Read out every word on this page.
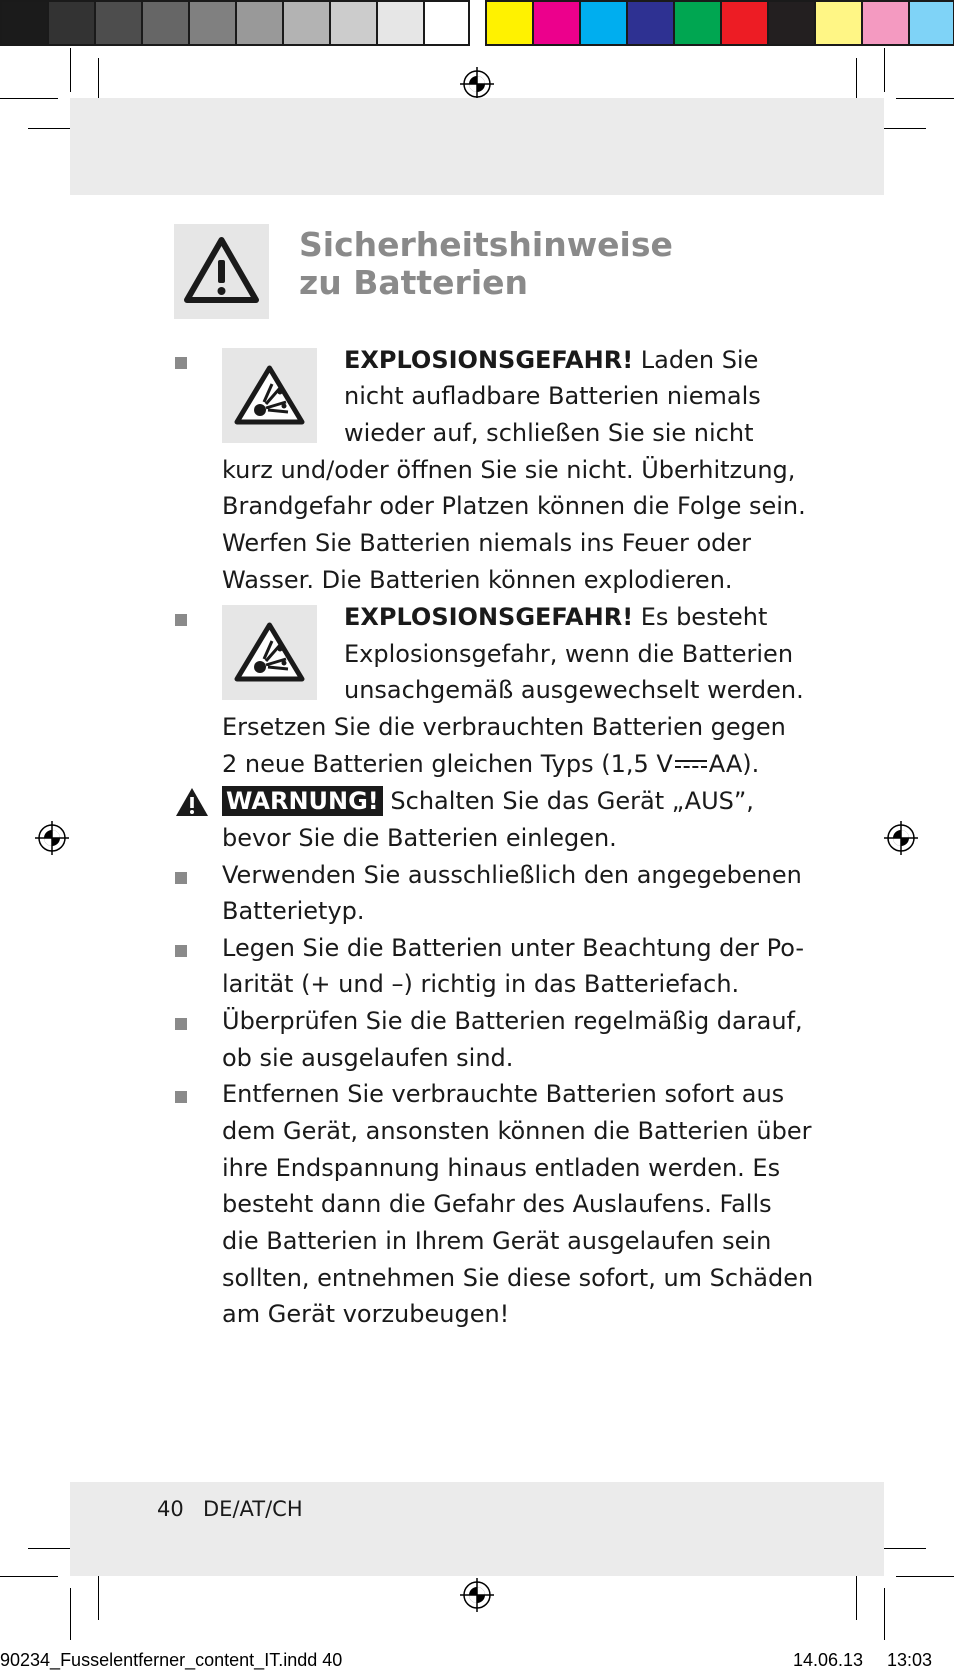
Sicherheitshinweise
zu Batterien
EXPLOSIONSGEFAHR! Laden Sie
nicht aufladbare Batterien niemals
wieder auf, schließen Sie sie nicht
kurz und/oder öffnen Sie sie nicht. Überhitzung,
Brandgefahr oder Platzen können die Folge sein.
Werfen Sie Batterien niemals ins Feuer oder
Wasser. Die Batterien können explodieren.
EXPLOSIONSGEFAHR! Es besteht
Explosionsgefahr, wenn die Batterien
unsachgemäß ausgewechselt werden.
Ersetzen Sie die verbrauchten Batterien gegen
2 neue Batterien gleichen Typs (1,5 V AA).
WARNUNG! Schalten Sie das Gerät „AUS”,
bevor Sie die Batterien einlegen.
Verwenden Sie ausschließlich den angegebenen
Batterietyp.
Legen Sie die Batterien unter Beachtung der Po-
larität (+ und –) richtig in das Batteriefach.
Überprüfen Sie die Batterien regelmäßig darauf,
ob sie ausgelaufen sind.
Entfernen Sie verbrauchte Batterien sofort aus
dem Gerät, ansonsten können die Batterien über
ihre Endspannung hinaus entladen werden. Es
besteht dann die Gefahr des Auslaufens. Falls
die Batterien in Ihrem Gerät ausgelaufen sein
sollten, entnehmen Sie diese sofort, um Schäden
am Gerät vorzubeugen!
40 DE/AT/CH
90234_Fusselentferner_content_IT.indd 40	14.06.13 13:03
